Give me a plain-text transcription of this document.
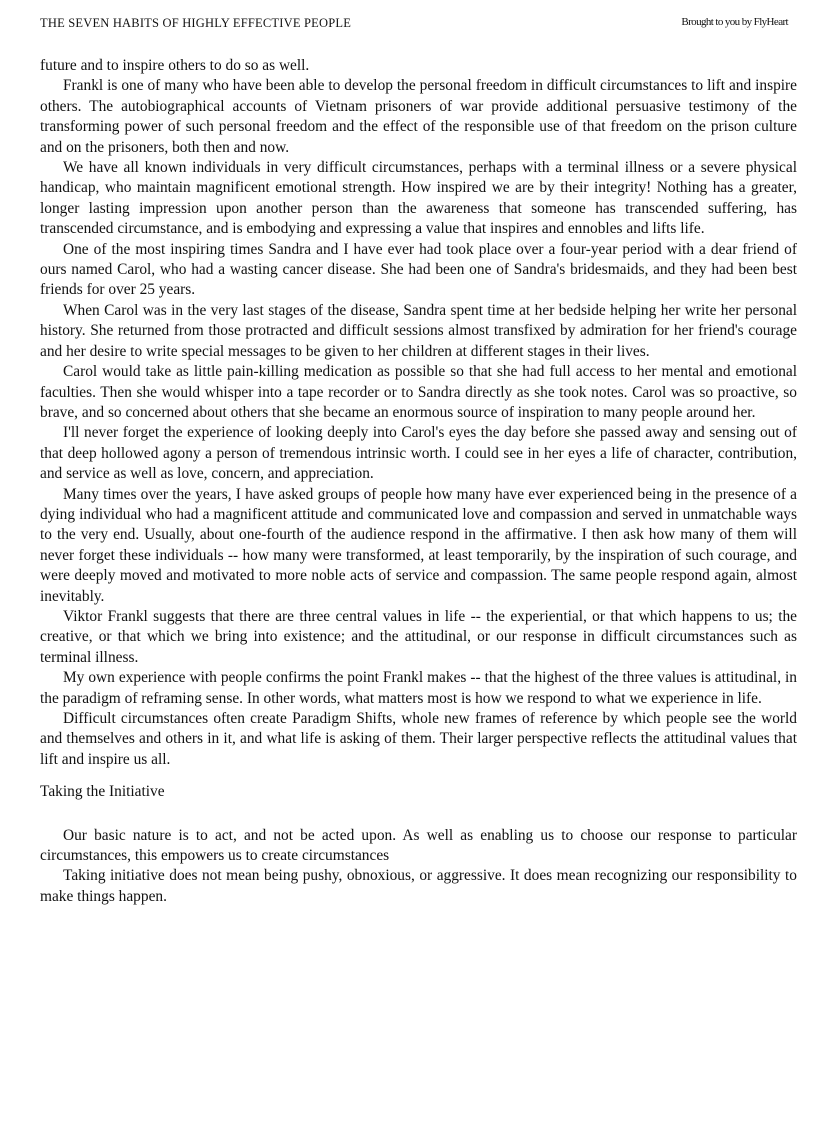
THE SEVEN HABITS OF HIGHLY EFFECTIVE PEOPLE	Brought to you by FlyHeart

future and to inspire others to do so as well.

Frankl is one of many who have been able to develop the personal freedom in difficult circumstances to lift and inspire others. The autobiographical accounts of Vietnam prisoners of war provide additional persuasive testimony of the transforming power of such personal freedom and the effect of the responsible use of that freedom on the prison culture and on the prisoners, both then and now.

We have all known individuals in very difficult circumstances, perhaps with a terminal illness or a severe physical handicap, who maintain magnificent emotional strength. How inspired we are by their integrity! Nothing has a greater, longer lasting impression upon another person than the awareness that someone has transcended suffering, has transcended circumstance, and is embodying and expressing a value that inspires and ennobles and lifts life.

One of the most inspiring times Sandra and I have ever had took place over a four-year period with a dear friend of ours named Carol, who had a wasting cancer disease. She had been one of Sandra's bridesmaids, and they had been best friends for over 25 years.

When Carol was in the very last stages of the disease, Sandra spent time at her bedside helping her write her personal history. She returned from those protracted and difficult sessions almost transfixed by admiration for her friend's courage and her desire to write special messages to be given to her children at different stages in their lives.

Carol would take as little pain-killing medication as possible so that she had full access to her mental and emotional faculties. Then she would whisper into a tape recorder or to Sandra directly as she took notes. Carol was so proactive, so brave, and so concerned about others that she became an enormous source of inspiration to many people around her.

I'll never forget the experience of looking deeply into Carol's eyes the day before she passed away and sensing out of that deep hollowed agony a person of tremendous intrinsic worth. I could see in her eyes a life of character, contribution, and service as well as love, concern, and appreciation.

Many times over the years, I have asked groups of people how many have ever experienced being in the presence of a dying individual who had a magnificent attitude and communicated love and compassion and served in unmatchable ways to the very end. Usually, about one-fourth of the audience respond in the affirmative. I then ask how many of them will never forget these individuals -- how many were transformed, at least temporarily, by the inspiration of such courage, and were deeply moved and motivated to more noble acts of service and compassion. The same people respond again, almost inevitably.

Viktor Frankl suggests that there are three central values in life -- the experiential, or that which happens to us; the creative, or that which we bring into existence; and the attitudinal, or our response in difficult circumstances such as terminal illness.

My own experience with people confirms the point Frankl makes -- that the highest of the three values is attitudinal, in the paradigm of reframing sense. In other words, what matters most is how we respond to what we experience in life.

Difficult circumstances often create Paradigm Shifts, whole new frames of reference by which people see the world and themselves and others in it, and what life is asking of them. Their larger perspective reflects the attitudinal values that lift and inspire us all.

Taking the Initiative

Our basic nature is to act, and not be acted upon. As well as enabling us to choose our response to particular circumstances, this empowers us to create circumstances

Taking initiative does not mean being pushy, obnoxious, or aggressive. It does mean recognizing our responsibility to make things happen.
